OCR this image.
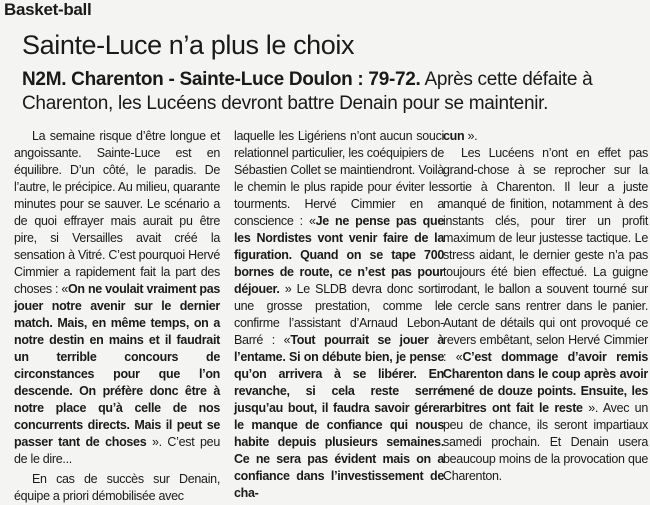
Basket-ball
Sainte-Luce n’a plus le choix
N2M. Charenton - Sainte-Luce Doulon : 79-72. Après cette défaite à Charenton, les Lucéens devront battre Denain pour se maintenir.

La semaine risque d’être longue et angoissante. Sainte-Luce est en équilibre. D’un côté, le paradis. De l’autre, le précipice. Au milieu, quarante minutes pour se sauver. Le scénario a de quoi effrayer mais aurait pu être pire, si Versailles avait créé la sensation à Vitré. C’est pourquoi Hervé Cimmier a rapidement fait la part des choses : «On ne voulait vraiment pas jouer notre avenir sur le dernier match. Mais, en même temps, on a notre destin en mains et il faudrait un terrible concours de circonstances pour que l’on descende. On préfère donc être à notre place qu’à celle de nos concurrents directs. Mais il peut se passer tant de choses ». C’est peu de le dire...

En cas de succès sur Denain, équipe a priori démobilisée avec

laquelle les Ligériens n’ont aucun souci relationnel particulier, les coéquipiers de Sébastien Collet se maintiendront. Voilà le chemin le plus rapide pour éviter les tourments. Hervé Cimmier en a conscience : «Je ne pense pas que les Nordistes vont venir faire de la figuration. Quand on se tape 700 bornes de route, ce n’est pas pour déjouer. » Le SLDB devra donc sortir une grosse prestation, comme le confirme l’assistant d’Arnaud Lebon-Barré : «Tout pourrait se jouer à l’entame. Si on débute bien, je pense qu’on arrivera à se libérer. En revanche, si cela reste serré jusqu’au bout, il faudra savoir gérer le manque de confiance qui nous habite depuis plusieurs semaines. Ce ne sera pas évident mais on a confiance dans l’investissement de cha-

cun ».

Les Lucéens n’ont en effet pas grand-chose à se reprocher sur la sortie à Charenton. Il leur a juste manqué de finition, notamment à des instants clés, pour tirer un profit maximum de leur justesse tactique. Le stress aidant, le dernier geste n’a pas toujours été bien effectué. La guigne rodant, le ballon a souvent tourné sur le cercle sans rentrer dans le panier. Autant de détails qui ont provoqué ce revers embêtant, selon Hervé Cimmier : «C’est dommage d’avoir remis Charenton dans le coup après avoir mené de douze points. Ensuite, les arbitres ont fait le reste ». Avec un peu de chance, ils seront impartiaux samedi prochain. Et Denain usera beaucoup moins de la provocation que Charenton.
